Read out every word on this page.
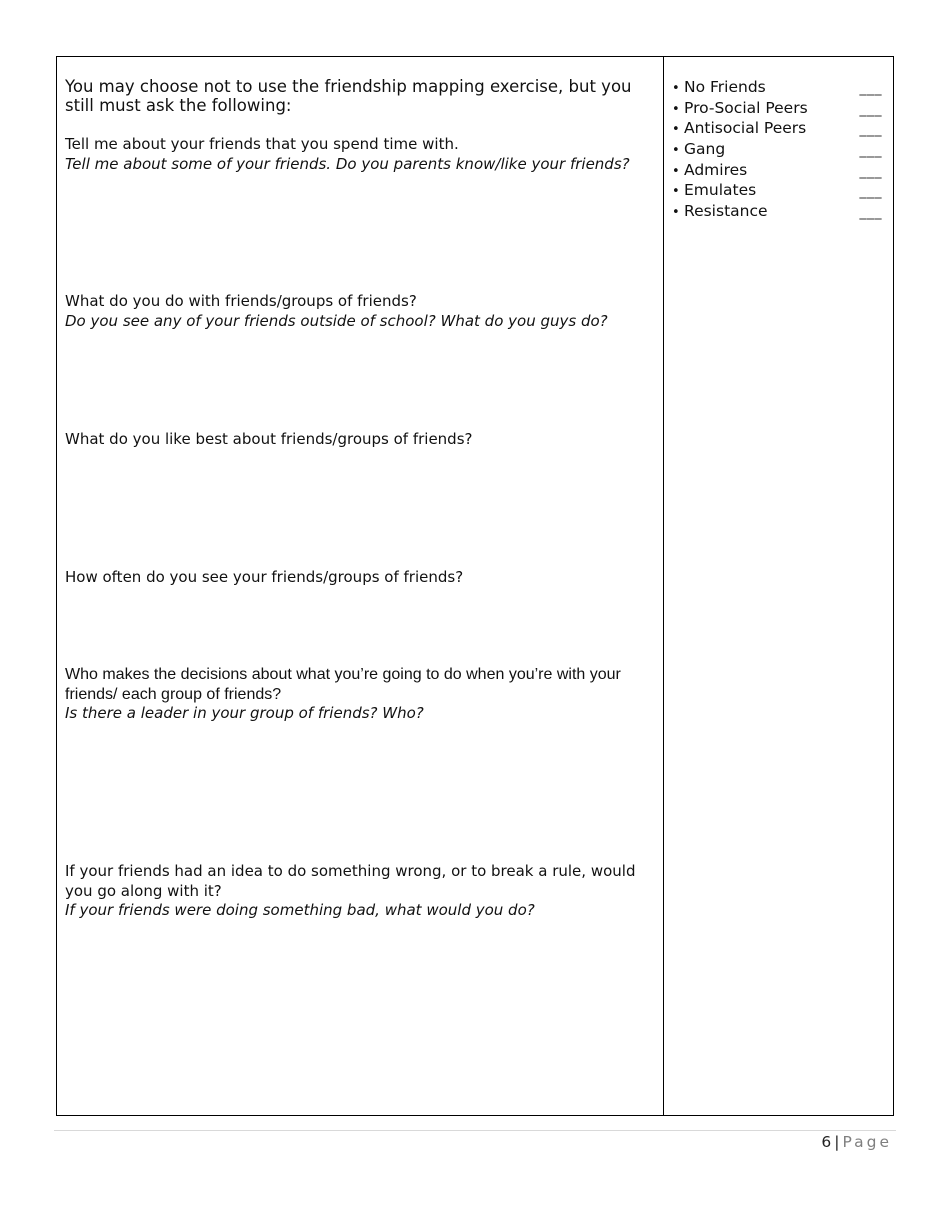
You may choose not to use the friendship mapping exercise, but you still must ask the following:
Tell me about your friends that you spend time with.
Tell me about some of your friends. Do you parents know/like your friends?
What do you do with friends/groups of friends?
Do you see any of your friends outside of school? What do you guys do?
What do you like best about friends/groups of friends?
How often do you see your friends/groups of friends?
Who makes the decisions about what you’re going to do when you’re with your friends/ each group of friends?
Is there a leader in your group of friends? Who?
If your friends had an idea to do something wrong, or to break a rule, would you go along with it?
If your friends were doing something bad, what would you do?
• No Friends	___
• Pro-Social Peers	___
• Antisocial Peers	___
• Gang	___
• Admires	___
• Emulates	___
• Resistance	___
6 | Page
